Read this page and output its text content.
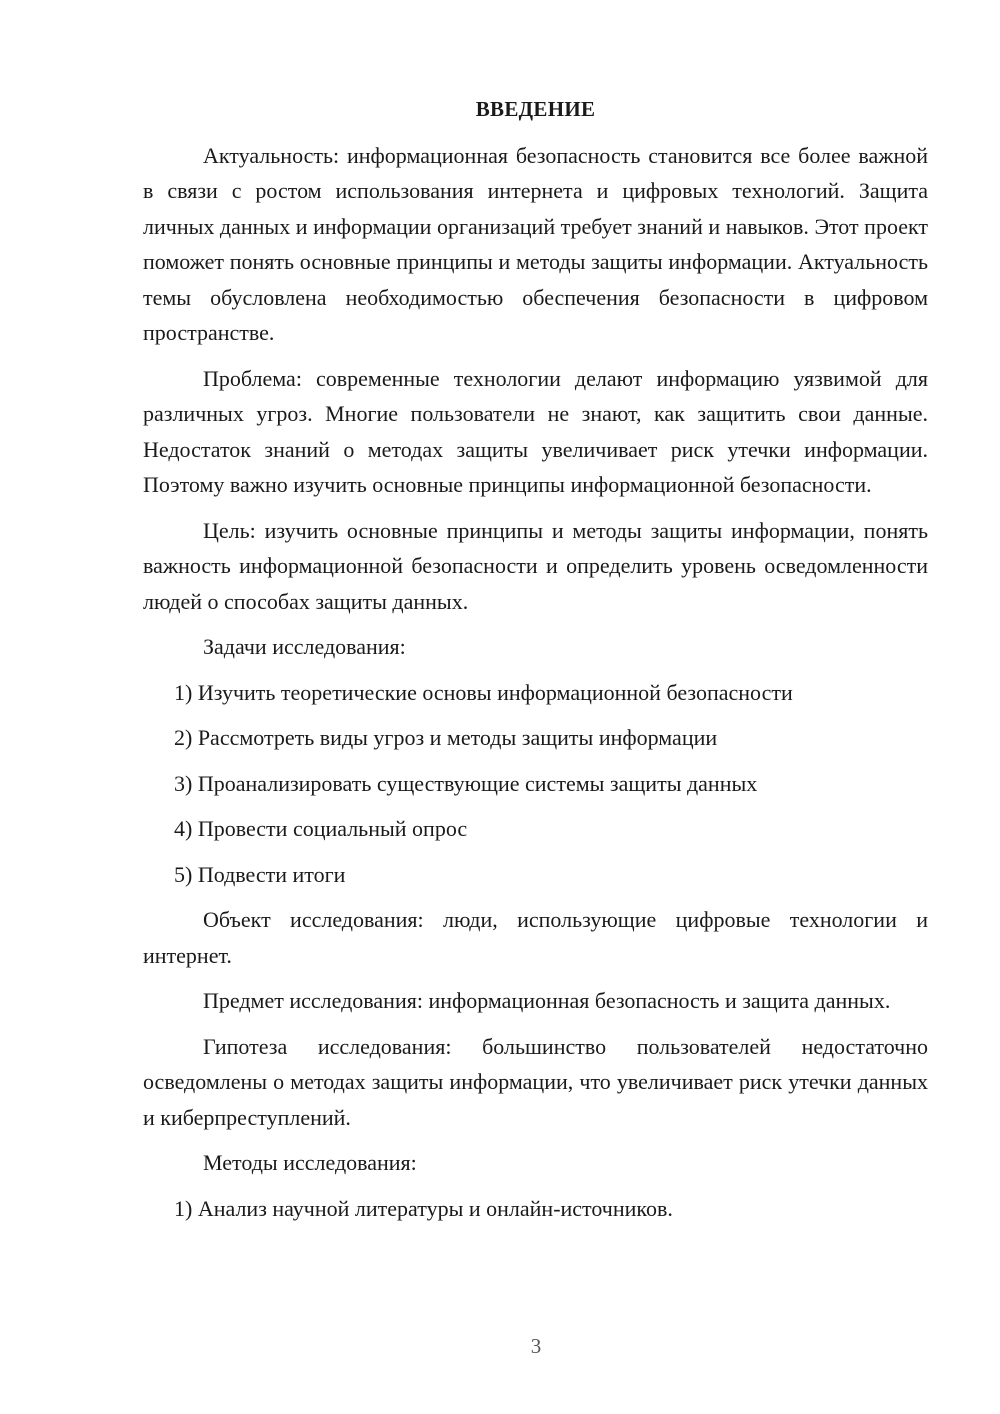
ВВЕДЕНИЕ

Актуальность: информационная безопасность становится все более важной в связи с ростом использования интернета и цифровых технологий. Защита личных данных и информации организаций требует знаний и навыков. Этот проект поможет понять основные принципы и методы защиты информации. Актуальность темы обусловлена необходимостью обеспечения безопасности в цифровом пространстве.

Проблема: современные технологии делают информацию уязвимой для различных угроз. Многие пользователи не знают, как защитить свои данные. Недостаток знаний о методах защиты увеличивает риск утечки информации. Поэтому важно изучить основные принципы информационной безопасности.

Цель: изучить основные принципы и методы защиты информации, понять важность информационной безопасности и определить уровень осведомленности людей о способах защиты данных.

Задачи исследования:

1) Изучить теоретические основы информационной безопасности

2) Рассмотреть виды угроз и методы защиты информации

3) Проанализировать существующие системы защиты данных

4) Провести социальный опрос

5) Подвести итоги

Объект исследования: люди, использующие цифровые технологии и интернет.

Предмет исследования: информационная безопасность и защита данных.

Гипотеза исследования: большинство пользователей недостаточно осведомлены о методах защиты информации, что увеличивает риск утечки данных и киберпреступлений.

Методы исследования:

1) Анализ научной литературы и онлайн-источников.

3
